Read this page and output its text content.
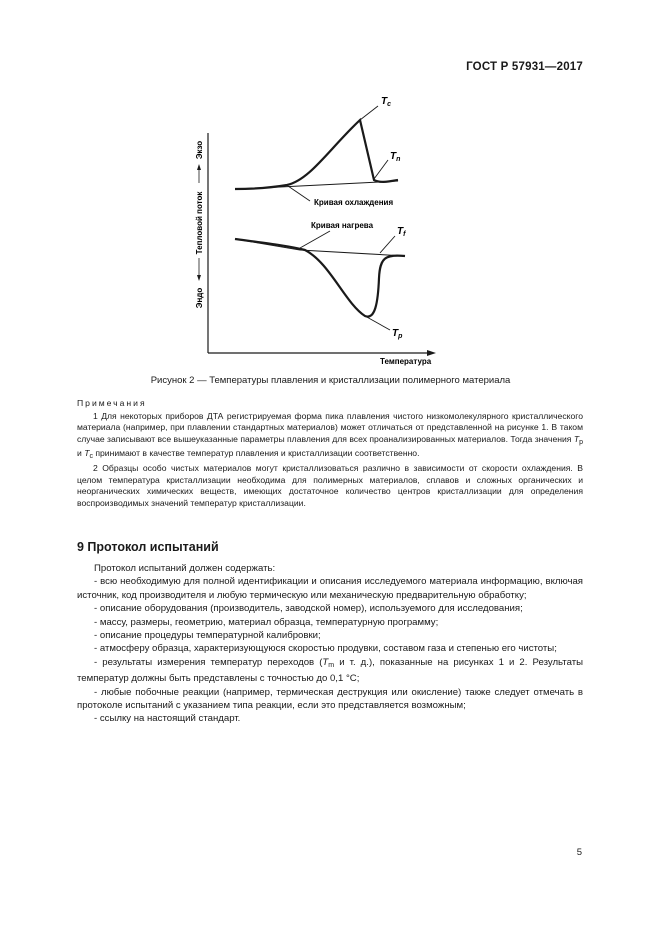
ГОСТ Р 57931—2017
Экзо
Тепловой поток
Эндо
Кривая охлаждения
Кривая нагрева
$T_c$
$T_n$
$T_f$
$T_p$
Температура
Рисунок 2 — Температуры плавления и кристаллизации полимерного материала
Примечания

1 Для некоторых приборов ДТА регистрируемая форма пика плавления чистого низкомолекулярного кристаллического материала (например, при плавлении стандартных материалов) может отличаться от представленной на рисунке 1. В таком случае записывают все вышеуказанные параметры плавления для всех проанализированных материалов. Тогда значения $T_p$ и $T_c$ принимают в качестве температур плавления и кристаллизации соответственно.

2 Образцы особо чистых материалов могут кристаллизоваться различно в зависимости от скорости охлаждения. В целом температура кристаллизации необходима для полимерных материалов, сплавов и сложных органических и неорганических химических веществ, имеющих достаточное количество центров кристаллизации для определения воспроизводимых значений температур кристаллизации.

9 Протокол испытаний

Протокол испытаний должен содержать:

- всю необходимую для полной идентификации и описания исследуемого материала информацию, включая источник, код производителя и любую термическую или механическую предварительную обработку;

- описание оборудования (производитель, заводской номер), используемого для исследования;

- массу, размеры, геометрию, материал образца, температурную программу;

- описание процедуры температурной калибровки;

- атмосферу образца, характеризующуюся скоростью продувки, составом газа и степенью его чистоты;

- результаты измерения температур переходов ($T_m$ и т. д.), показанные на рисунках 1 и 2. Результаты температур должны быть представлены с точностью до 0,1 °C;

- любые побочные реакции (например, термическая деструкция или окисление) также следует отмечать в протоколе испытаний с указанием типа реакции, если это представляется возможным;

- ссылку на настоящий стандарт.

5
